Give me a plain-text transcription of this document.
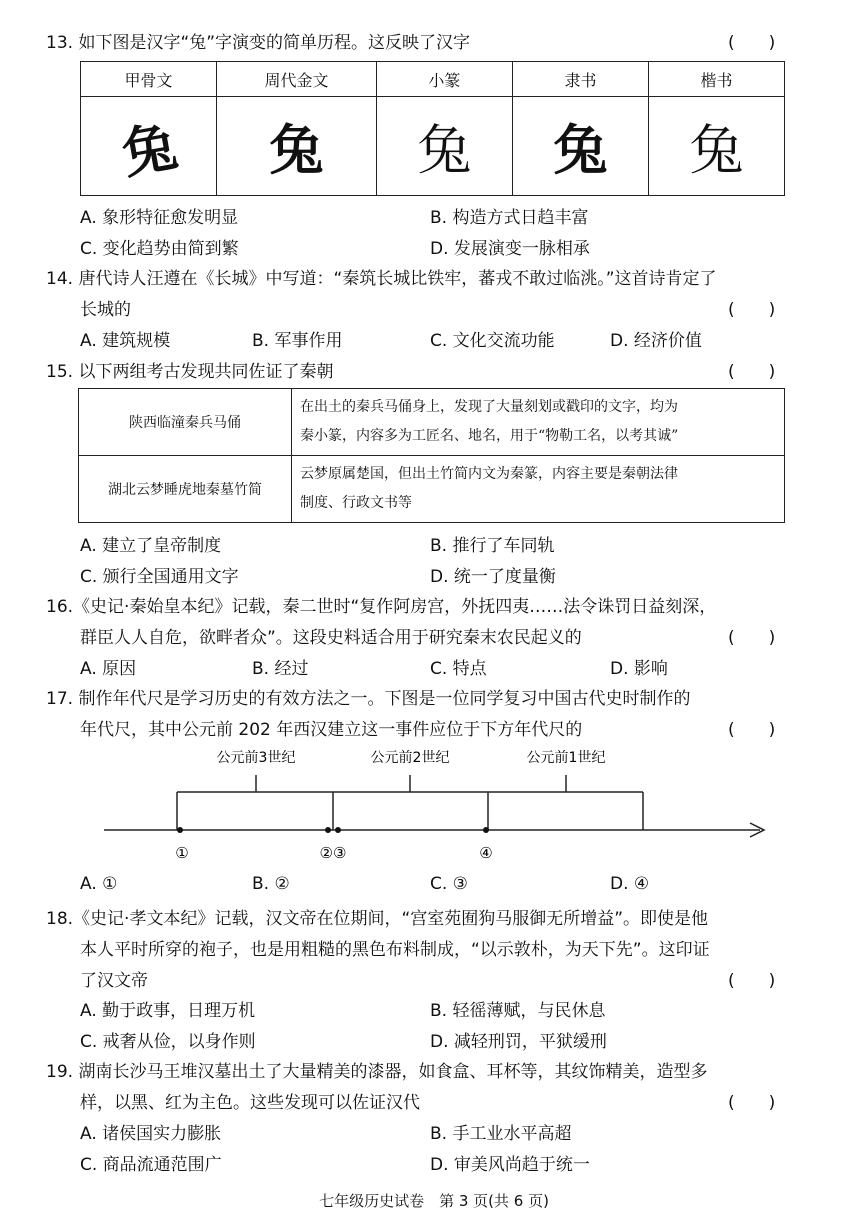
13. 如下图是汉字“兔”字演变的简单历程。这反映了汉字	(　　)
甲骨文	周代金文	小篆	隶书	楷书
兔	兔	兔	兔	兔
A. 象形特征愈发明显	B. 构造方式日趋丰富
C. 变化趋势由简到繁	D. 发展演变一脉相承
14. 唐代诗人汪遵在《长城》中写道：“秦筑长城比铁牢，蕃戎不敢过临洮。”这首诗肯定了
长城的	(　　)
A. 建筑规模	B. 军事作用	C. 文化交流功能	D. 经济价值
15. 以下两组考古发现共同佐证了秦朝	(　　)
陕西临潼秦兵马俑	在出土的秦兵马俑身上，发现了大量刻划或戳印的文字，均为
秦小篆，内容多为工匠名、地名，用于“物勒工名，以考其诚”

湖北云梦睡虎地秦墓竹简	云梦原属楚国，但出土竹简内文为秦篆，内容主要是秦朝法律
制度、行政文书等
A. 建立了皇帝制度	B. 推行了车同轨
C. 颁行全国通用文字	D. 统一了度量衡
16.《史记·秦始皇本纪》记载，秦二世时“复作阿房宫，外抚四夷……法令诛罚日益刻深，
群臣人人自危，欲畔者众”。这段史料适合用于研究秦末农民起义的	(　　)
A. 原因	B. 经过	C. 特点	D. 影响
17. 制作年代尺是学习历史的有效方法之一。下图是一位同学复习中国古代史时制作的
年代尺，其中公元前 202 年西汉建立这一事件应位于下方年代尺的	(　　)
公元前3世纪	公元前2世纪	公元前1世纪
①	②③	④
A. ①	B. ②	C. ③	D. ④
18.《史记·孝文本纪》记载，汉文帝在位期间，“宫室苑囿狗马服御无所增益”。即使是他
本人平时所穿的袍子，也是用粗糙的黑色布料制成，“以示敦朴，为天下先”。这印证
了汉文帝	(　　)
A. 勤于政事，日理万机	B. 轻徭薄赋，与民休息
C. 戒奢从俭，以身作则	D. 减轻刑罚，平狱缓刑
19. 湖南长沙马王堆汉墓出土了大量精美的漆器，如食盒、耳杯等，其纹饰精美，造型多
样，以黑、红为主色。这些发现可以佐证汉代	(　　)
A. 诸侯国实力膨胀	B. 手工业水平高超
C. 商品流通范围广	D. 审美风尚趋于统一
七年级历史试卷　第 3 页(共 6 页)
